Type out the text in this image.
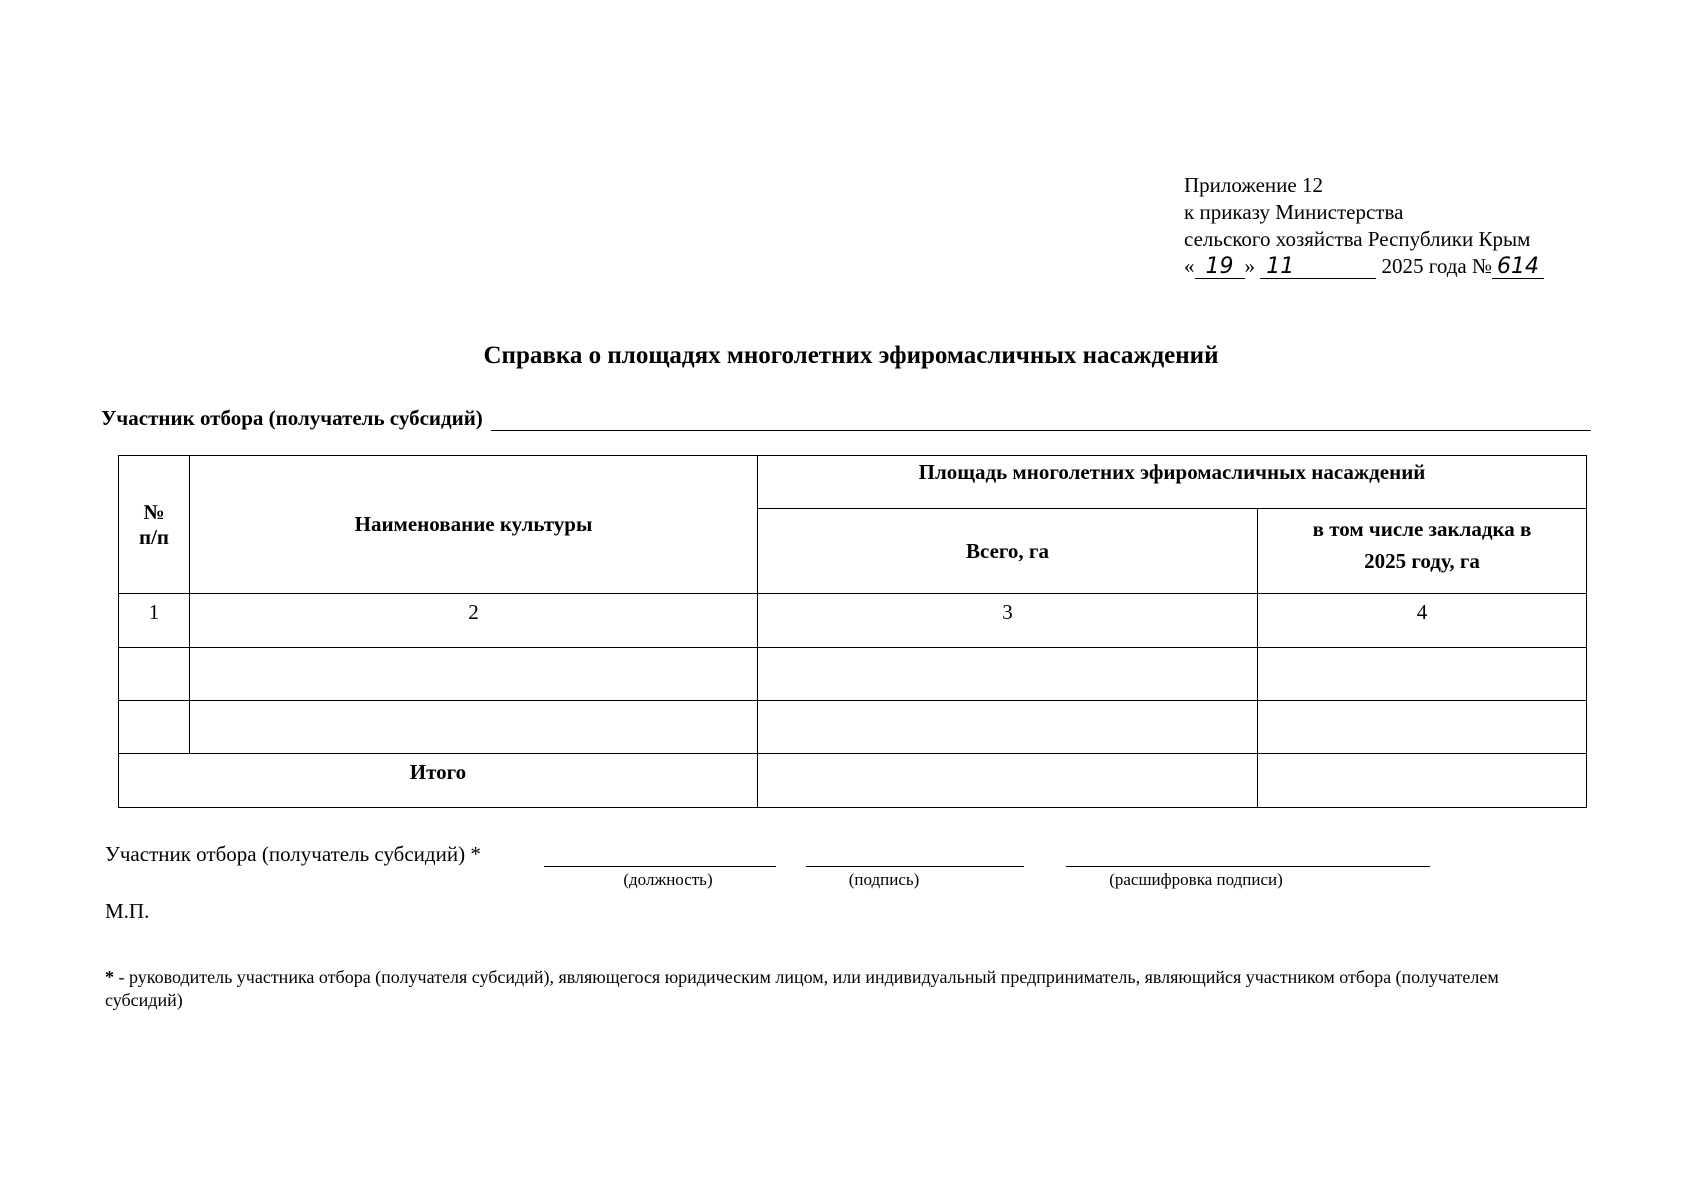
Приложение 12
к приказу Министерства
сельского хозяйства Республики Крым
« 19 » 11	2025 года № 614
Справка о площадях многолетних эфиромасличных насаждений
Участник отбора (получатель субсидий)
№
п/п	Наименование культуры	Площадь многолетних эфиромасличных насаждений	
		Всего, га	в том числе закладка в
2025 году, га

1	2	3	4

Итого			
Участник отбора (получатель субсидий) *
(должность)	(подпись)	(расшифровка подписи)
М.П.
* - руководитель участника отбора (получателя субсидий), являющегося юридическим лицом, или индивидуальный предприниматель, являющийся участником отбора (получателем субсидий)
